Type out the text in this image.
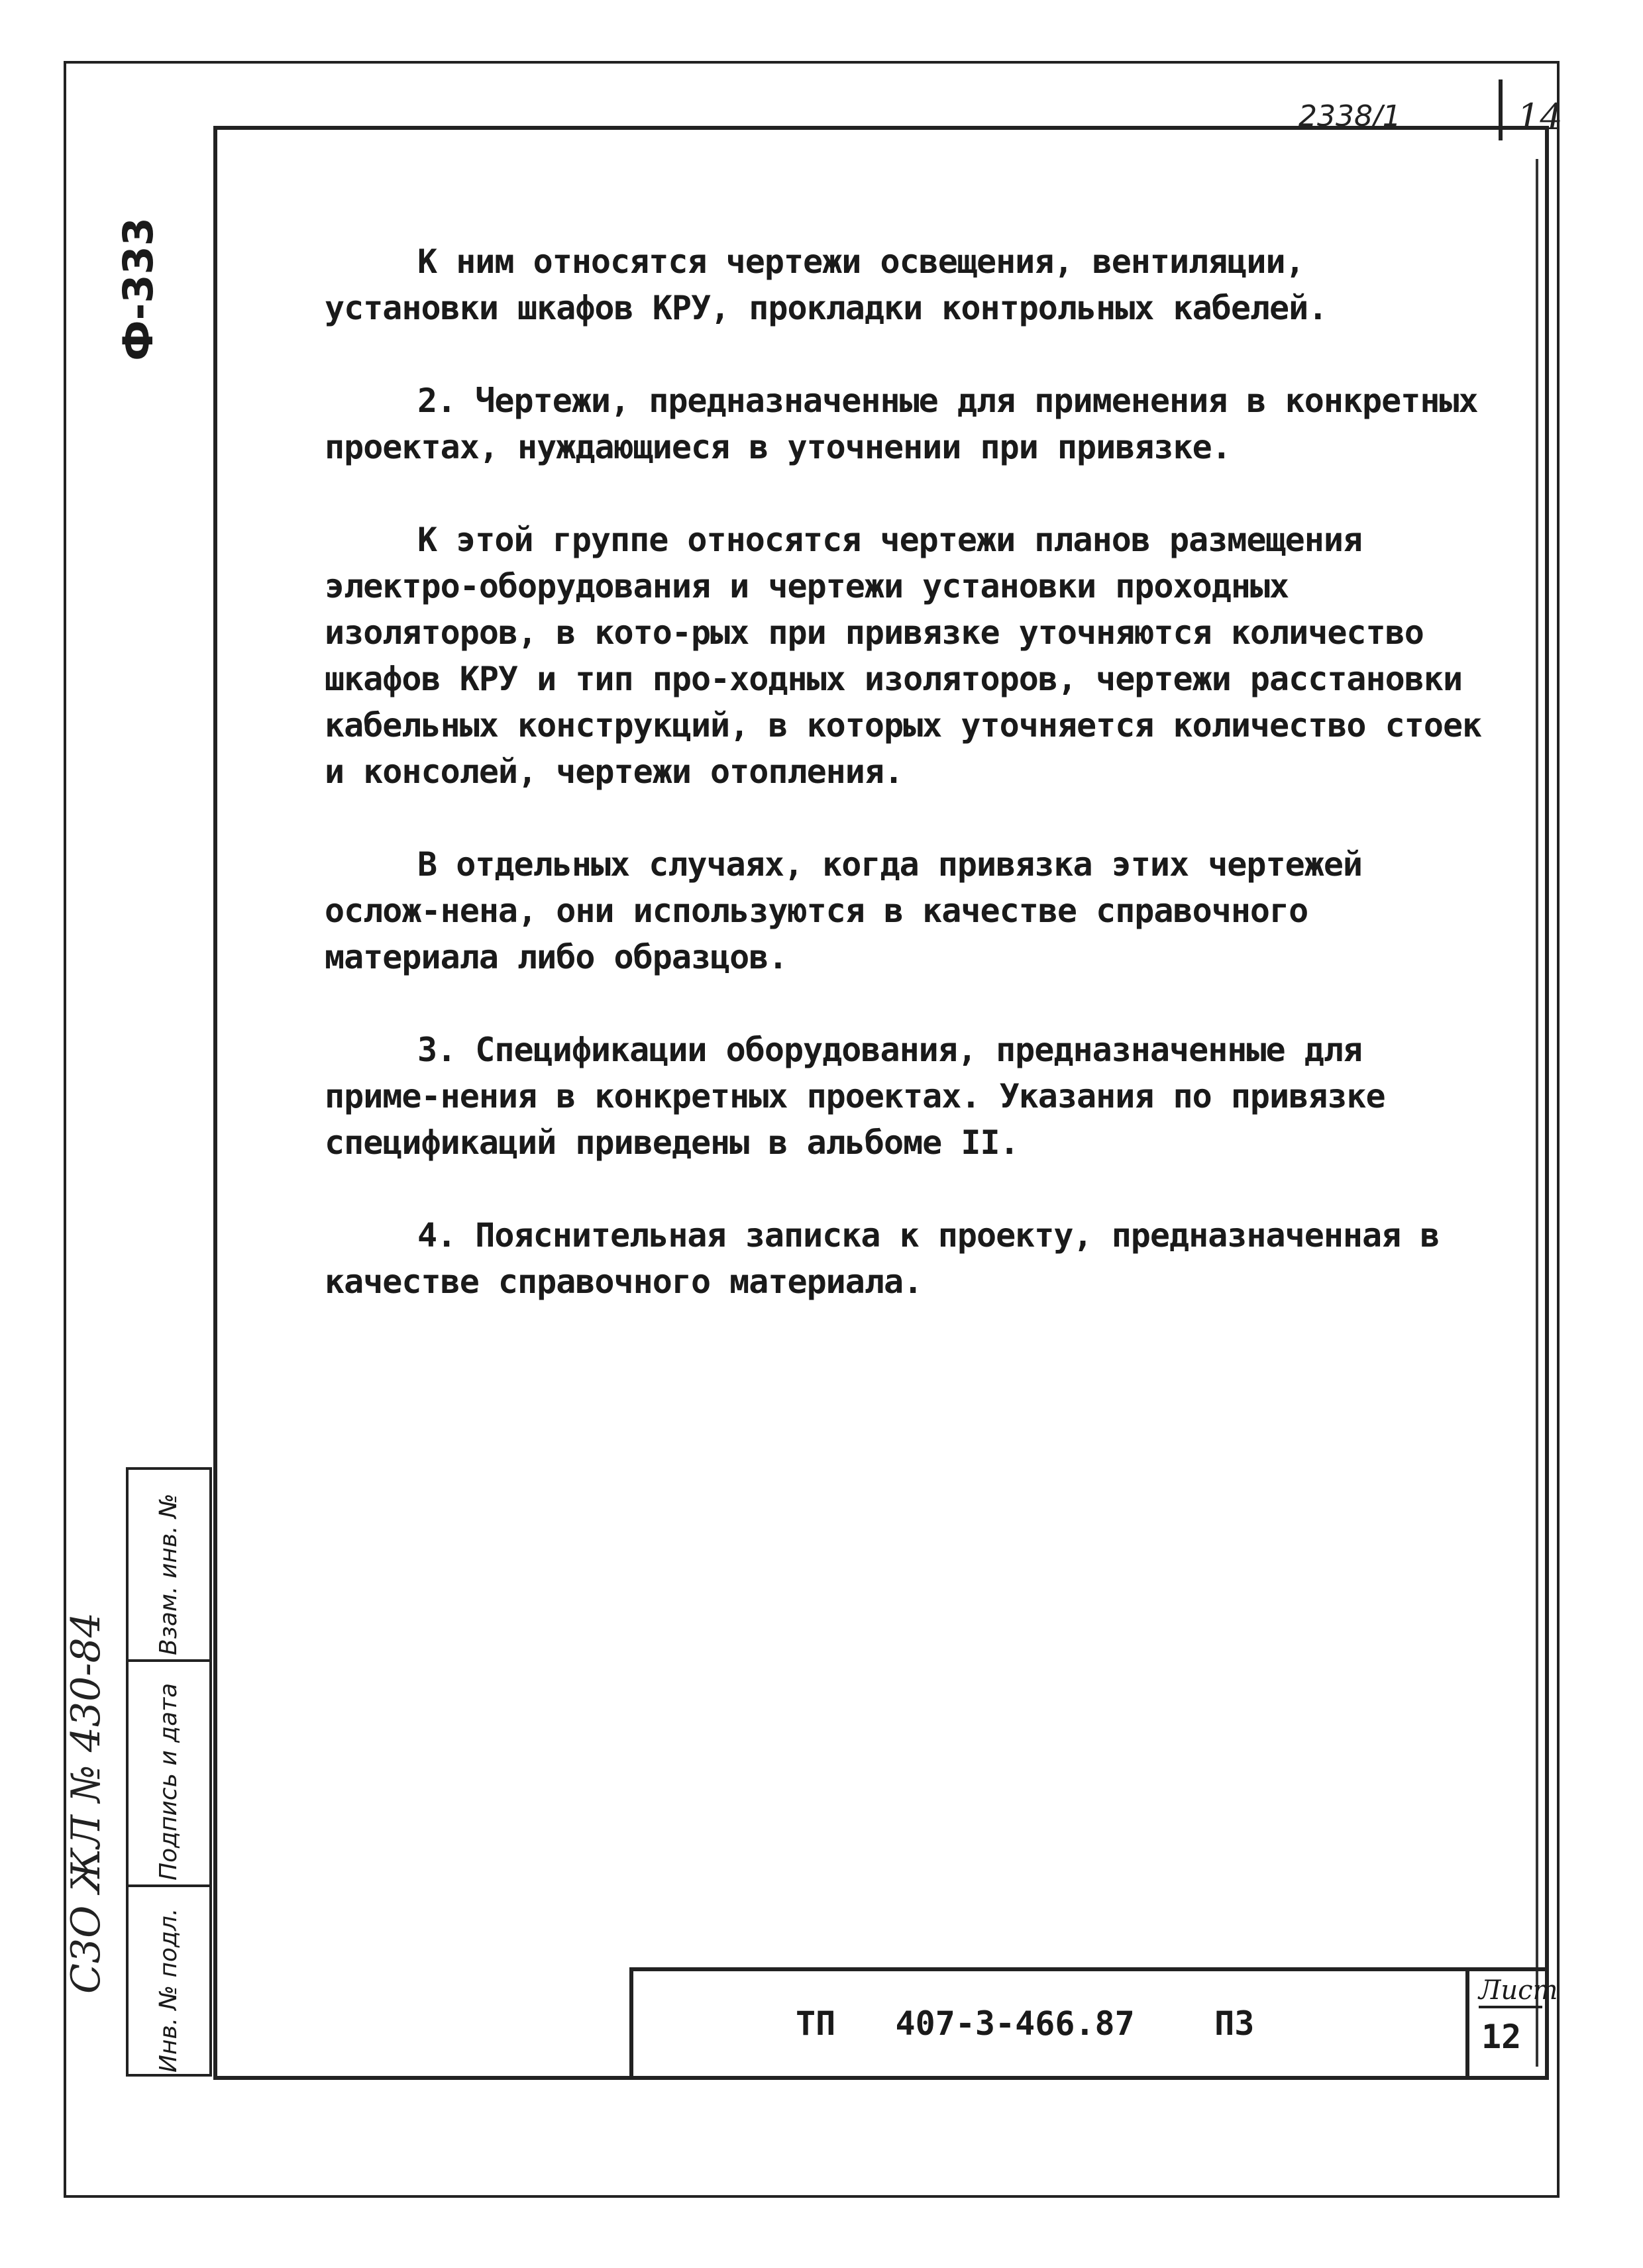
2338/1	14
Ф-333	К ним относятся чертежи освещения, вентиляции, установки шкафов КРУ, прокладки контрольных кабелей.

2. Чертежи, предназначенные для применения в конкретных проектах, нуждающиеся в уточнении при привязке.

К этой группе относятся чертежи планов размещения электро-оборудования и чертежи установки проходных изоляторов, в кото-рых при привязке уточняются количество шкафов КРУ и тип про-ходных изоляторов, чертежи расстановки кабельных конструкций, в которых уточняется количество стоек и консолей, чертежи отопления.

В отдельных случаях, когда привязка этих чертежей ослож-нена, они используются в качестве справочного материала либо образцов.

3. Спецификации оборудования, предназначенные для приме-нения в конкретных проектах. Указания по привязке спецификаций приведены в альбоме II.

4. Пояснительная записка к проекту, предназначенная в качестве справочного материала.

Взам. инв. №
Подпись и дата
Инв. № подл.
С3О ЖЛ № 430-84
ТП   407-3-466.87    ПЗ
Лист
12
